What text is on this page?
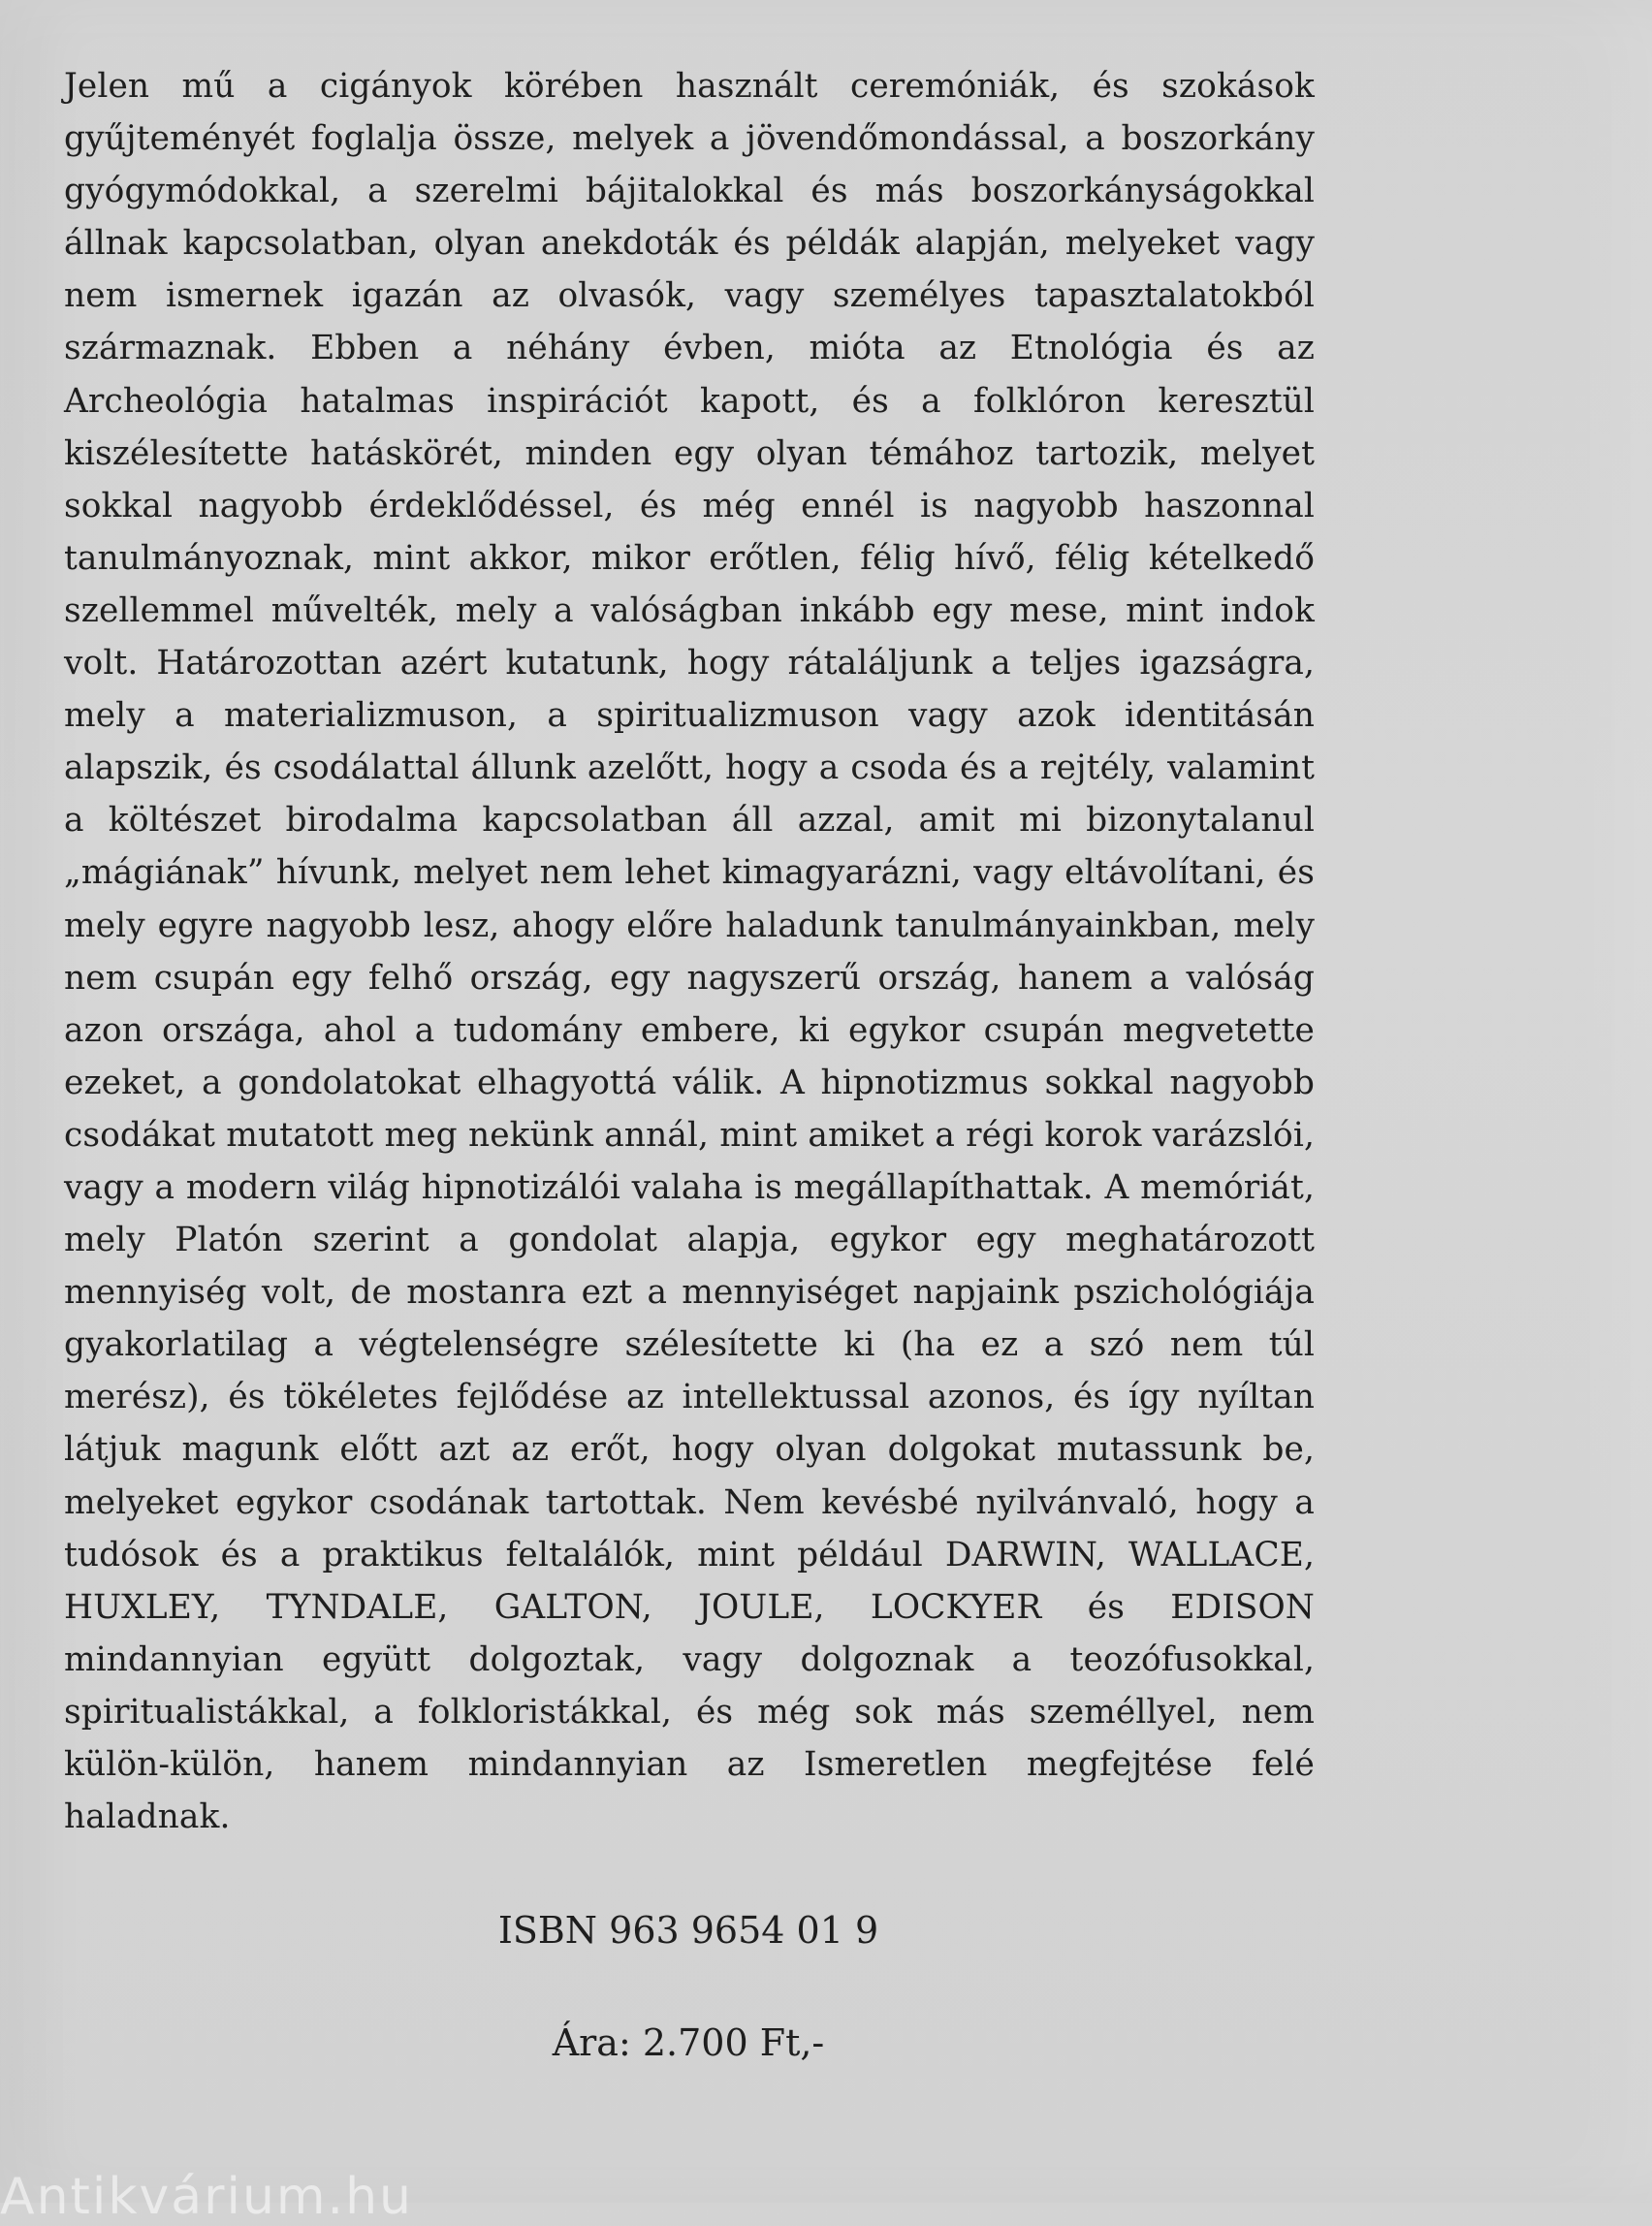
Jelen mű a cigányok körében használt ceremóniák, és szokások gyűjteményét foglalja össze, melyek a jövendőmondással, a boszorkány gyógymódokkal, a szerelmi bájitalokkal és más boszorkányságokkal állnak kapcsolatban, olyan anekdoták és példák alapján, melyeket vagy nem ismernek igazán az olvasók, vagy személyes tapasztalatokból származnak. Ebben a néhány évben, mióta az Etnológia és az Archeológia hatalmas inspirációt kapott, és a folklóron keresztül kiszélesítette hatáskörét, minden egy olyan témához tartozik, melyet sokkal nagyobb érdeklődéssel, és még ennél is nagyobb haszonnal tanulmányoznak, mint akkor, mikor erőtlen, félig hívő, félig kételkedő szellemmel művelték, mely a valóságban inkább egy mese, mint indok volt. Határozottan azért kutatunk, hogy rátaláljunk a teljes igazságra, mely a materializmuson, a spiritualizmuson vagy azok identitásán alapszik, és csodálattal állunk azelőtt, hogy a csoda és a rejtély, valamint a költészet birodalma kapcsolatban áll azzal, amit mi bizonytalanul „mágiának” hívunk, melyet nem lehet kimagyarázni, vagy eltávolítani, és mely egyre nagyobb lesz, ahogy előre haladunk tanulmányainkban, mely nem csupán egy felhő ország, egy nagyszerű ország, hanem a valóság azon országa, ahol a tudomány embere, ki egykor csupán megvetette ezeket, a gondolatokat elhagyottá válik. A hipnotizmus sokkal nagyobb csodákat mutatott meg nekünk annál, mint amiket a régi korok varázslói, vagy a modern világ hipnotizálói valaha is megállapíthattak. A memóriát, mely Platón szerint a gondolat alapja, egykor egy meghatározott mennyiség volt, de mostanra ezt a mennyiséget napjaink pszichológiája gyakorlatilag a végtelenségre szélesítette ki (ha ez a szó nem túl merész), és tökéletes fejlődése az intellektussal azonos, és így nyíltan látjuk magunk előtt azt az erőt, hogy olyan dolgokat mutassunk be, melyeket egykor csodának tartottak. Nem kevésbé nyilvánvaló, hogy a tudósok és a praktikus feltalálók, mint például DARWIN, WALLACE, HUXLEY, TYNDALE, GALTON, JOULE, LOCKYER és EDISON mindannyian együtt dolgoztak, vagy dolgoznak a teozófusokkal, spiritualistákkal, a folkloristákkal, és még sok más személlyel, nem külön-külön, hanem mindannyian az Ismeretlen megfejtése felé haladnak.

ISBN 963 9654 01 9

Ára: 2.700 Ft,-

Antikvárium.hu
